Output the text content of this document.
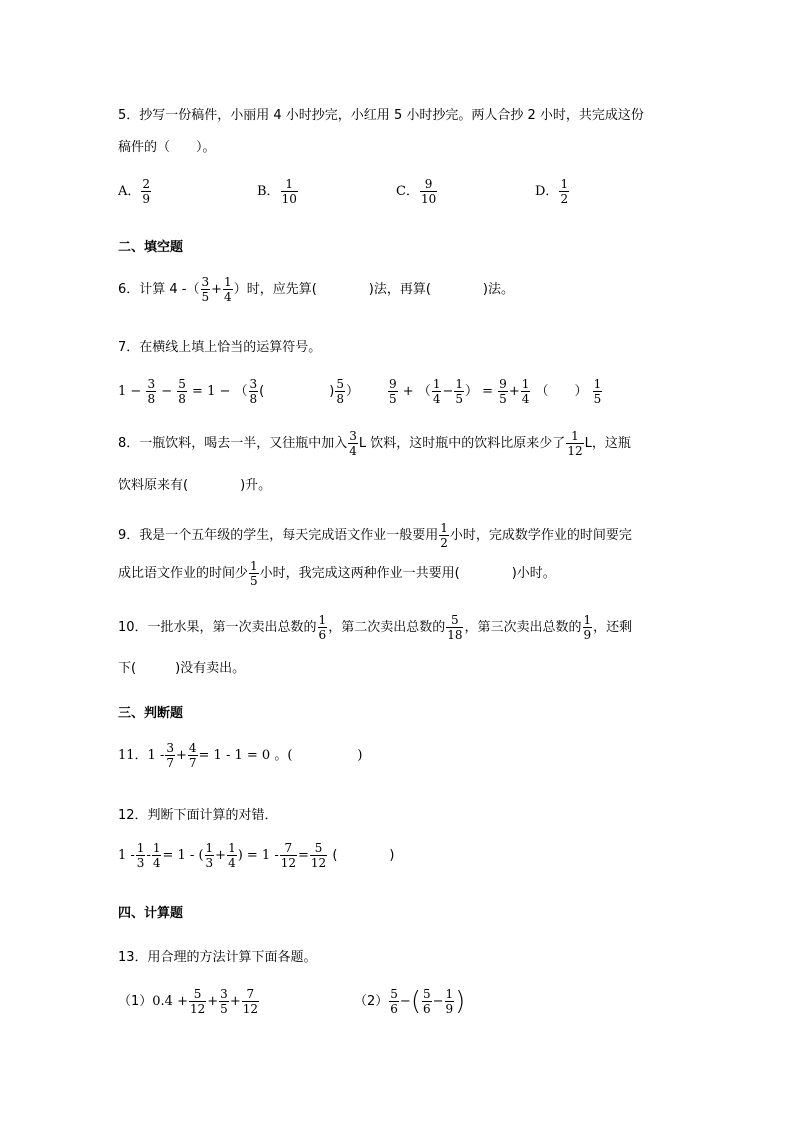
5．抄写一份稿件，小丽用 4 小时抄完，小红用 5 小时抄完。两人合抄 2 小时，共完成这份
稿件的（　　）。
A． $\frac{2}{9}$	B． $\frac{1}{10}$	C． $\frac{9}{10}$	D． $\frac{1}{2}$
二、填空题
6．计算 4 -（ $\frac{3}{5} + \frac{1}{4}$ ）时，应先算(　　　　)法，再算(　　　　)法。
7．在横线上填上恰当的运算符号。
$1 - \frac{3}{8} - \frac{5}{8} = 1$ − （ $\frac{3}{8}$ (　　　　　) $\frac{5}{8}$ ） $\frac{9}{5}$ + （ $\frac{1}{4} - \frac{1}{5}$ ） = $\frac{9}{5} + \frac{1}{4}$ （　　） $\frac{1}{5}$
8．一瓶饮料，喝去一半，又往瓶中加入 $\frac{3}{4}$ L 饮料，这时瓶中的饮料比原来少了 $\frac{1}{12}$ L，这瓶
饮料原来有(　　　　)升。
9．我是一个五年级的学生，每天完成语文作业一般要用 $\frac{1}{2}$ 小时，完成数学作业的时间要完
成比语文作业的时间少 $\frac{1}{5}$ 小时，我完成这两种作业一共要用(　　　　)小时。
10．一批水果，第一次卖出总数的 $\frac{1}{6}$ ，第二次卖出总数的 $\frac{5}{18}$ ，第三次卖出总数的 $\frac{1}{9}$ ，还剩
下(　　　)没有卖出。
三、判断题
11．$1 - \frac{3}{7} + \frac{4}{7} = 1 - 1 = 0$ 。(　　　　　)
12．判断下面计算的对错．
$1 - \frac{1}{3} - \frac{1}{4} = 1$ - ( $\frac{1}{3} + \frac{1}{4}$ ) = $1 - \frac{7}{12} = \frac{5}{12}$ (　　　　)
四、计算题
13．用合理的方法计算下面各题。
$(1)0.4 + \frac{5}{12} + \frac{3}{5} + \frac{7}{12}$	$(2) \frac{5}{6}$ −( $\frac{5}{6} - \frac{1}{9}$ )
